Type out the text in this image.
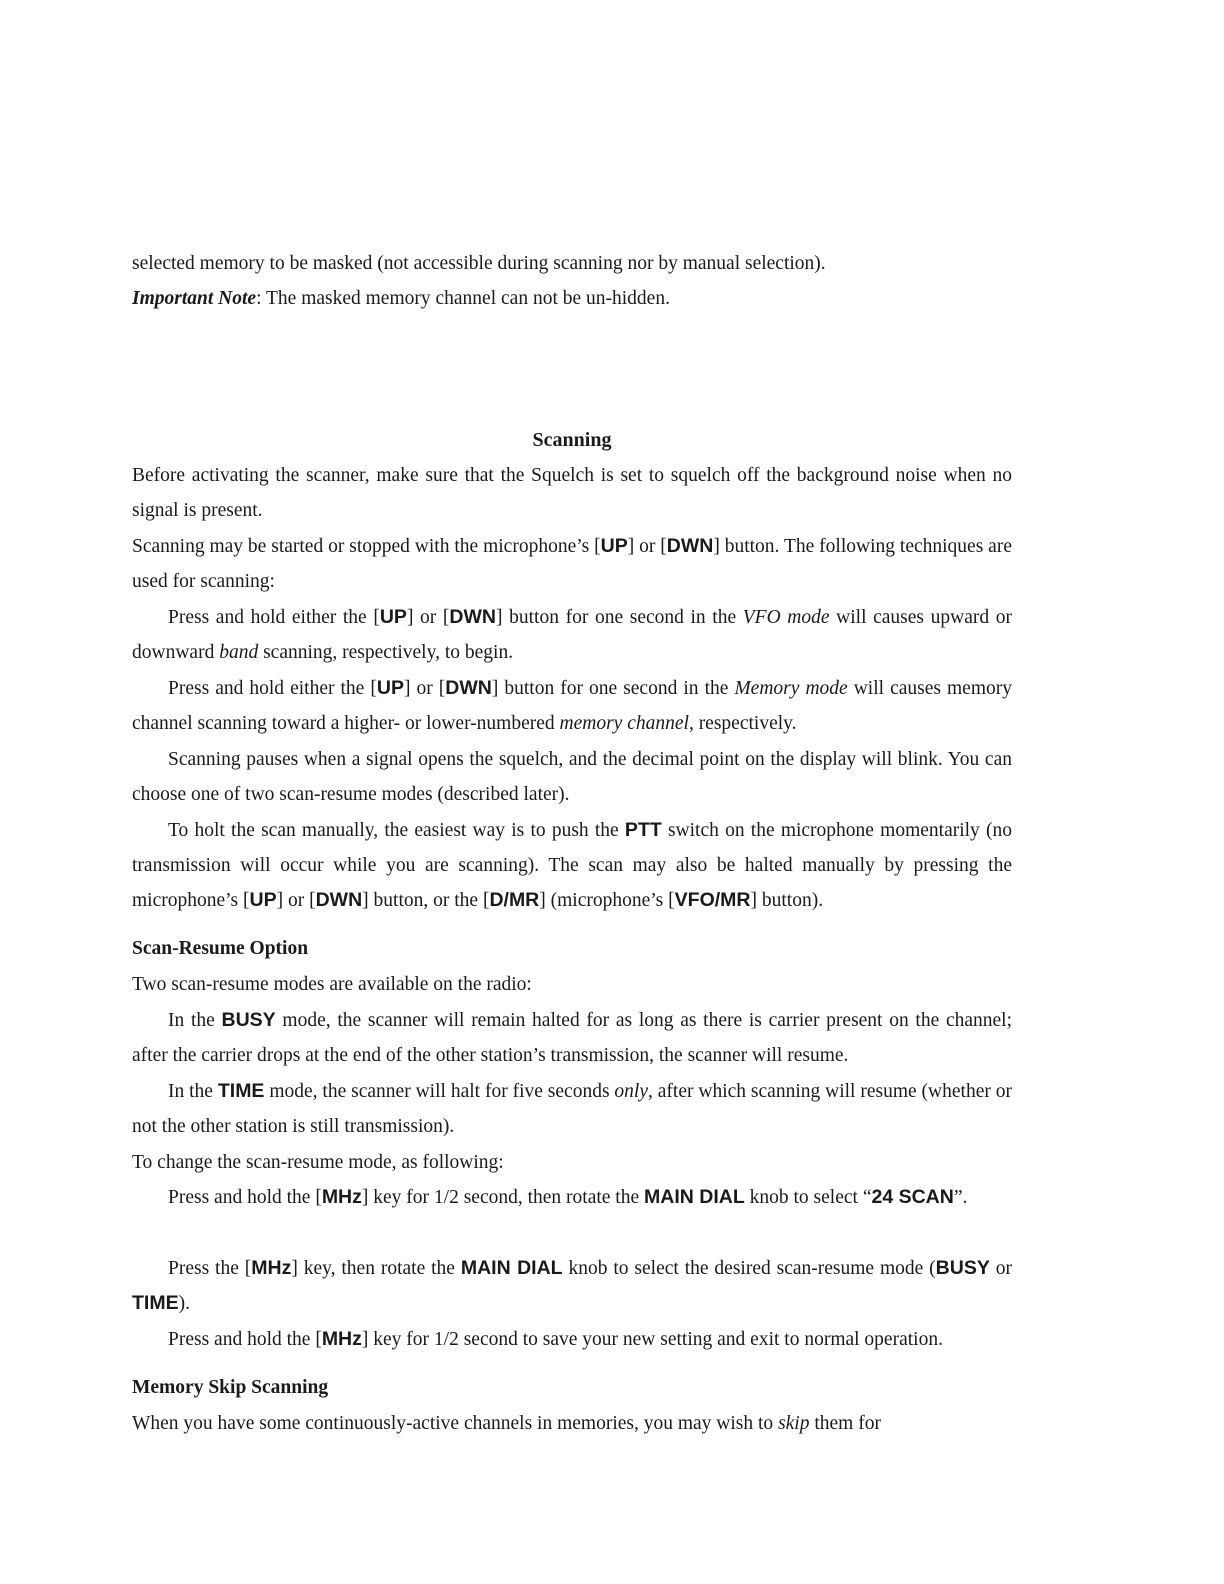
selected memory to be masked (not accessible during scanning nor by manual selection).
Important Note: The masked memory channel can not be un-hidden.

Scanning

Before activating the scanner, make sure that the Squelch is set to squelch off the background noise when no signal is present.

Scanning may be started or stopped with the microphone’s [UP] or [DWN] button. The following techniques are used for scanning:

Press and hold either the [UP] or [DWN] button for one second in the VFO mode will causes upward or downward band scanning, respectively, to begin.

Press and hold either the [UP] or [DWN] button for one second in the Memory mode will causes memory channel scanning toward a higher- or lower-numbered memory channel, respectively.

Scanning pauses when a signal opens the squelch, and the decimal point on the display will blink. You can choose one of two scan-resume modes (described later).

To holt the scan manually, the easiest way is to push the PTT switch on the microphone momentarily (no transmission will occur while you are scanning). The scan may also be halted manually by pressing the microphone’s [UP] or [DWN] button, or the [D/MR] (microphone’s [VFO/MR] button).

Scan-Resume Option

Two scan-resume modes are available on the radio:

In the BUSY mode, the scanner will remain halted for as long as there is carrier present on the channel; after the carrier drops at the end of the other station’s transmission, the scanner will resume.

In the TIME mode, the scanner will halt for five seconds only, after which scanning will resume (whether or not the other station is still transmission).

To change the scan-resume mode, as following:

Press and hold the [MHz] key for 1/2 second, then rotate the MAIN DIAL knob to select “24 SCAN”.

Press the [MHz] key, then rotate the MAIN DIAL knob to select the desired scan-resume mode (BUSY or TIME).

Press and hold the [MHz] key for 1/2 second to save your new setting and exit to normal operation.

Memory Skip Scanning

When you have some continuously-active channels in memories, you may wish to skip them for
